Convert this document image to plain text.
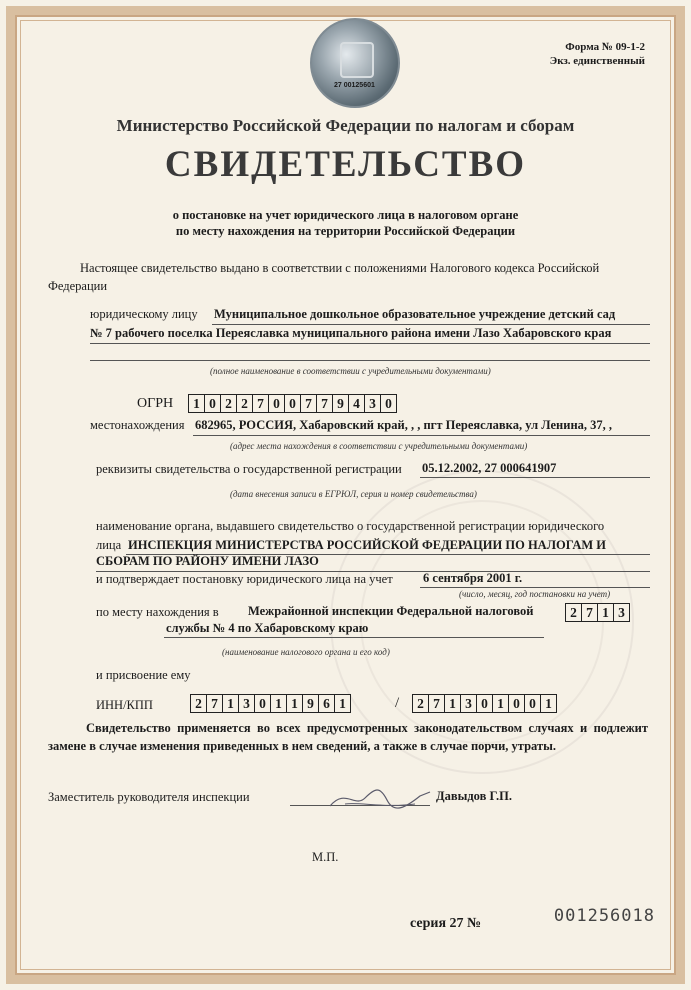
27 00125601
Форма № 09-1-2
Экз. единственный
Министерство Российской Федерации по налогам и сборам
СВИДЕТЕЛЬСТВО
о постановке на учет юридического лица в налоговом органе
по месту нахождения на территории Российской Федерации
Настоящее свидетельство выдано в соответствии с положениями Налогового кодекса Российской Федерации
юридическому лицу Муниципальное дошкольное образовательное учреждение детский сад
№ 7 рабочего поселка Переяславка муниципального района имени Лазо Хабаровского края
(полное наименование в соответствии с учредительными документами)
ОГРН	1 0 2 2 7 0 0 7 7 9 4 3 0
местонахождения 682965, РОССИЯ, Хабаровский край, , , пгт Переяславка, ул Ленина, 37, ,
(адрес места нахождения в соответствии с учредительными документами)
реквизиты свидетельства о государственной регистрации 05.12.2002, 27 000641907
(дата внесения записи в ЕГРЮЛ, серия и номер свидетельства)
наименование органа, выдавшего свидетельство о государственной регистрации юридического
лица ИНСПЕКЦИЯ МИНИСТЕРСТВА РОССИЙСКОЙ ФЕДЕРАЦИИ ПО НАЛОГАМ И
СБОРАМ ПО РАЙОНУ ИМЕНИ ЛАЗО
и подтверждает постановку юридического лица на учет 6 сентября 2001 г.
(число, месяц, год постановки на учет)
по месту нахождения в Межрайонной инспекции Федеральной налоговой
службы № 4 по Хабаровскому краю
2 7 1 3
(наименование налогового органа и его код)
и присвоение ему
ИНН/КПП	2 7 1 3 0 1 1 9 6 1	/	2 7 1 3 0 1 0 0 1
Свидетельство применяется во всех предусмотренных законодательством случаях и подлежит замене в случае изменения приведенных в нем сведений, а также в случае порчи, утраты.
Заместитель руководителя инспекции	Давыдов Г.П.
М.П.
серия 27 №	001256018
